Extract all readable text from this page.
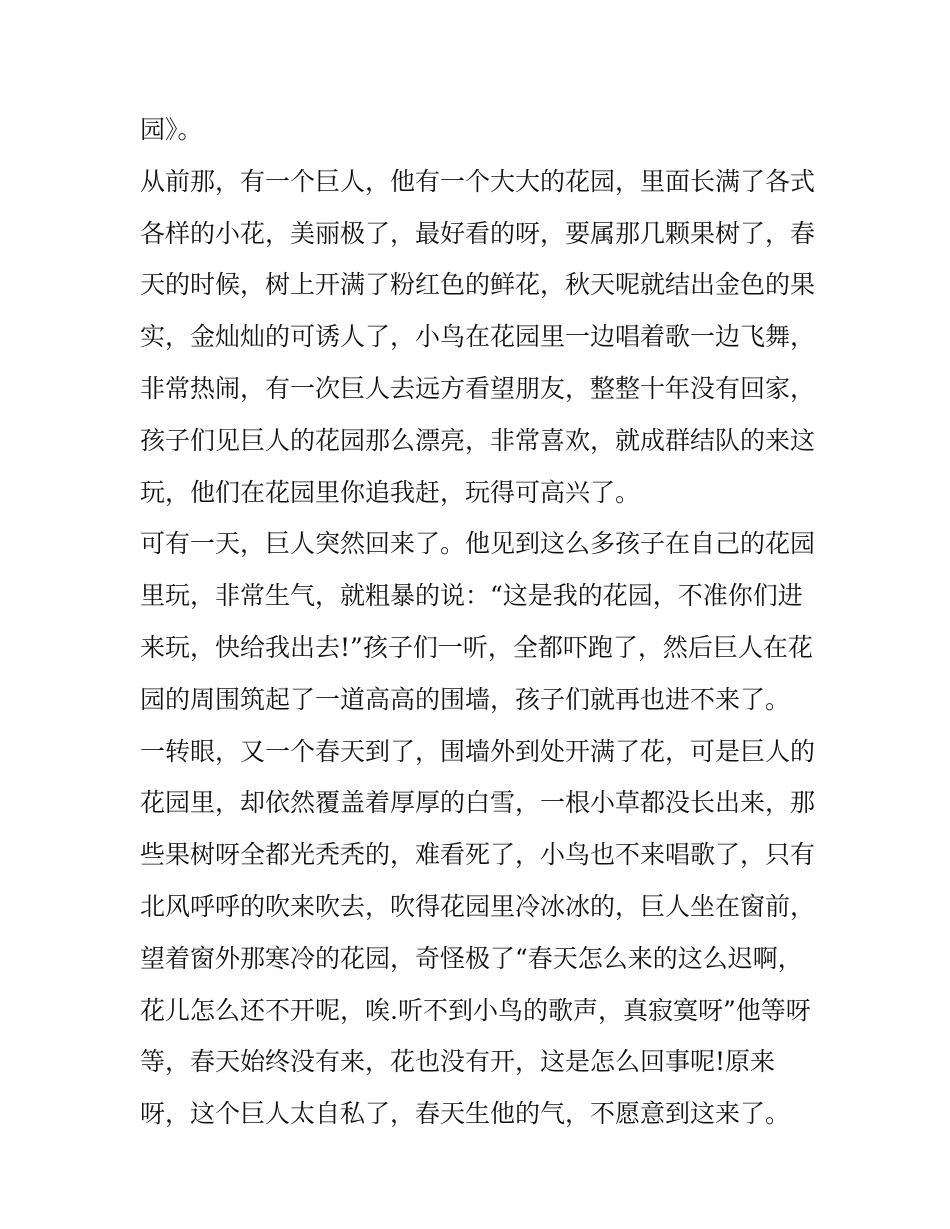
园》。

从前那，有一个巨人，他有一个大大的花园，里面长满了各式

各样的小花，美丽极了，最好看的呀，要属那几颗果树了，春

天的时候，树上开满了粉红色的鲜花，秋天呢就结出金色的果

实，金灿灿的可诱人了，小鸟在花园里一边唱着歌一边飞舞，

非常热闹，有一次巨人去远方看望朋友，整整十年没有回家，

孩子们见巨人的花园那么漂亮，非常喜欢，就成群结队的来这

玩，他们在花园里你追我赶，玩得可高兴了。

可有一天，巨人突然回来了。他见到这么多孩子在自己的花园

里玩，非常生气，就粗暴的说：“这是我的花园，不准你们进

来玩，快给我出去!”孩子们一听，全都吓跑了，然后巨人在花

园的周围筑起了一道高高的围墙，孩子们就再也进不来了。

一转眼，又一个春天到了，围墙外到处开满了花，可是巨人的

花园里，却依然覆盖着厚厚的白雪，一根小草都没长出来，那

些果树呀全都光秃秃的，难看死了，小鸟也不来唱歌了，只有

北风呼呼的吹来吹去，吹得花园里冷冰冰的，巨人坐在窗前，

望着窗外那寒冷的花园，奇怪极了“春天怎么来的这么迟啊，

花儿怎么还不开呢，唉.听不到小鸟的歌声，真寂寞呀”他等呀

等，春天始终没有来，花也没有开，这是怎么回事呢!原来

呀，这个巨人太自私了，春天生他的气，不愿意到这来了。
